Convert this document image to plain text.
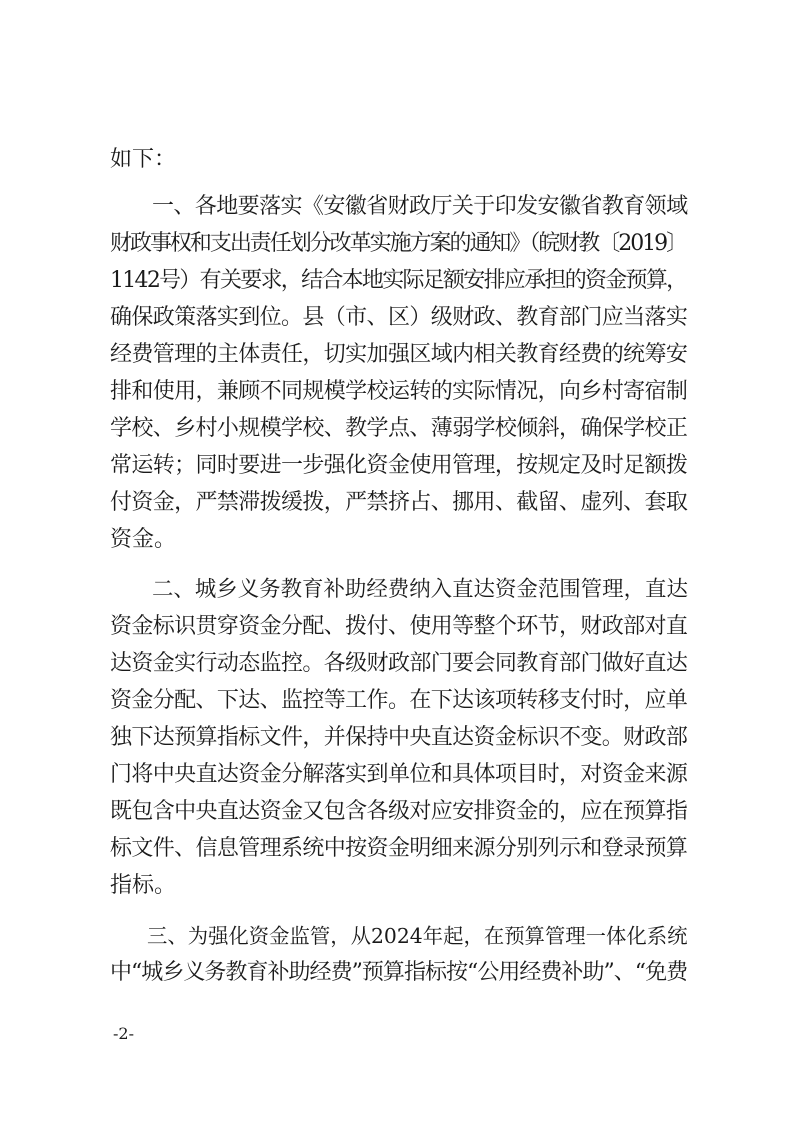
如下：
一、各地要落实《安徽省财政厅关于印发安徽省教育领域
财政事权和支出责任划分改革实施方案的通知》（皖财教〔2019〕
1142号）有关要求，结合本地实际足额安排应承担的资金预算，
确保政策落实到位。县（市、区）级财政、教育部门应当落实
经费管理的主体责任，切实加强区域内相关教育经费的统筹安
排和使用，兼顾不同规模学校运转的实际情况，向乡村寄宿制
学校、乡村小规模学校、教学点、薄弱学校倾斜，确保学校正
常运转；同时要进一步强化资金使用管理，按规定及时足额拨
付资金，严禁滞拨缓拨，严禁挤占、挪用、截留、虚列、套取
资金。
二、城乡义务教育补助经费纳入直达资金范围管理，直达
资金标识贯穿资金分配、拨付、使用等整个环节，财政部对直
达资金实行动态监控。各级财政部门要会同教育部门做好直达
资金分配、下达、监控等工作。在下达该项转移支付时，应单
独下达预算指标文件，并保持中央直达资金标识不变。财政部
门将中央直达资金分解落实到单位和具体项目时，对资金来源
既包含中央直达资金又包含各级对应安排资金的，应在预算指
标文件、信息管理系统中按资金明细来源分别列示和登录预算
指标。
三、为强化资金监管，从2024年起，在预算管理一体化系统
中“城乡义务教育补助经费”预算指标按“公用经费补助”、“免费
-2-
